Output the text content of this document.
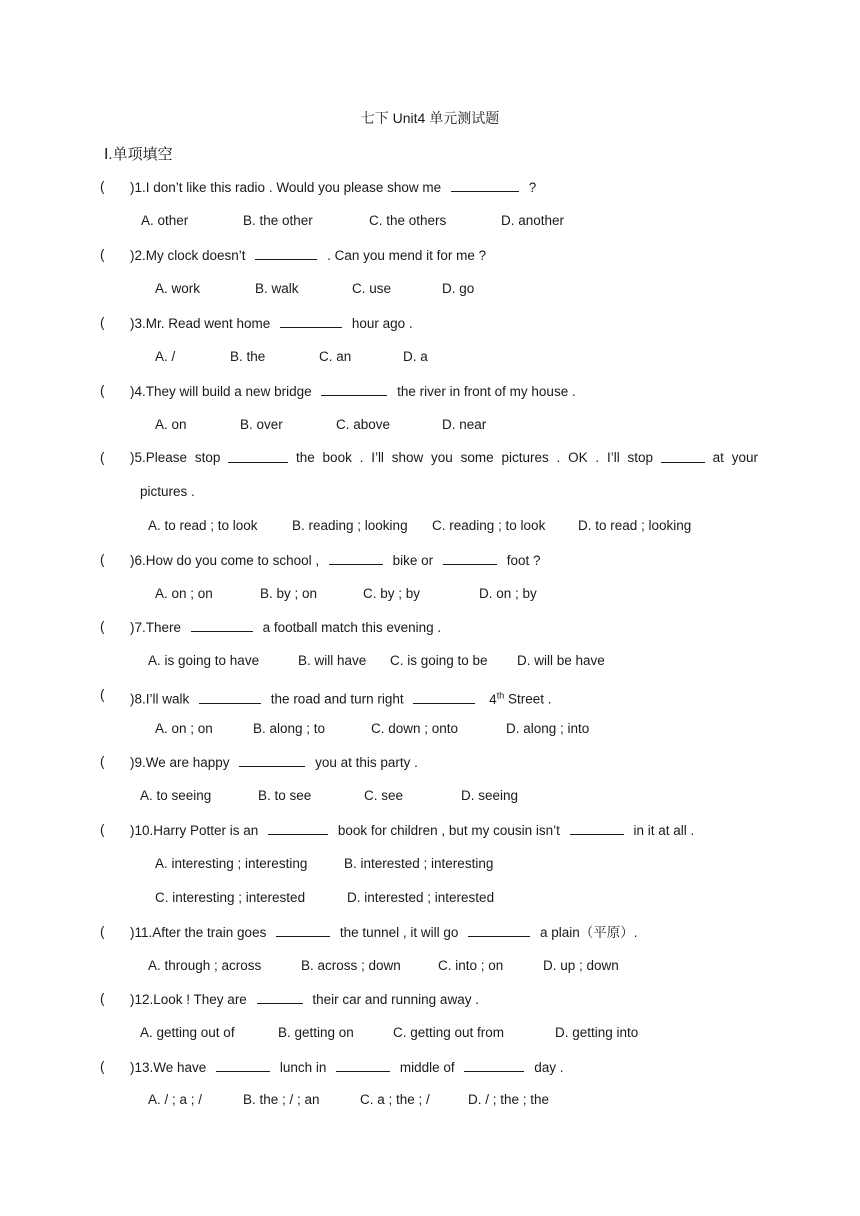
七下 Unit4 单元测试题
Ⅰ.单项填空
( )1.I don’t like this radio . Would you please show me	?
A. other	B. the other	C. the others	D. another
( )2.My clock doesn’t	. Can you mend it for me ?
A. work	B. walk	C. use	D. go
( )3.Mr. Read went home	hour ago .
A. /	B. the	C. an	D. a
( )4.They will build a new bridge	the river in front of my house .
A. on	B. over	C. above	D. near
( )5.Please stop	the book . I’ll show you some pictures . OK . I’ll stop	at your
pictures .
A. to read ; to look	B. reading ; looking C. reading ; to look D. to read ; looking
( )6.How do you come to school ,	bike or	foot ?
A. on ; on	B. by ; on	C. by ; by	D. on ; by
( )7.There	a football match this evening .
A. is going to have	B. will have C. is going to be D. will be have
( )8.I’ll walk	the road and turn right	4th Street .
A. on ; on	B. along ; to	C. down ; onto	D. along ; into
( )9.We are happy	you at this party .
A. to seeing	B. to see	C. see	D. seeing
( )10.Harry Potter is an	book for children , but my cousin isn’t	in it at all .
A. interesting ; interesting	B. interested ; interesting
C. interesting ; interested	D. interested ; interested
( )11.After the train goes	the tunnel , it will go	a plain（平原）.
A. through ; across	B. across ; down	C. into ; on	D. up ; down
( )12.Look ! They are	their car and running away .
A. getting out of	B. getting on	C. getting out from	D. getting into
( )13.We have	lunch in	middle of	day .
A. / ; a ; /	B. the ; / ; an	C. a ; the ; /	D. / ; the ; the
